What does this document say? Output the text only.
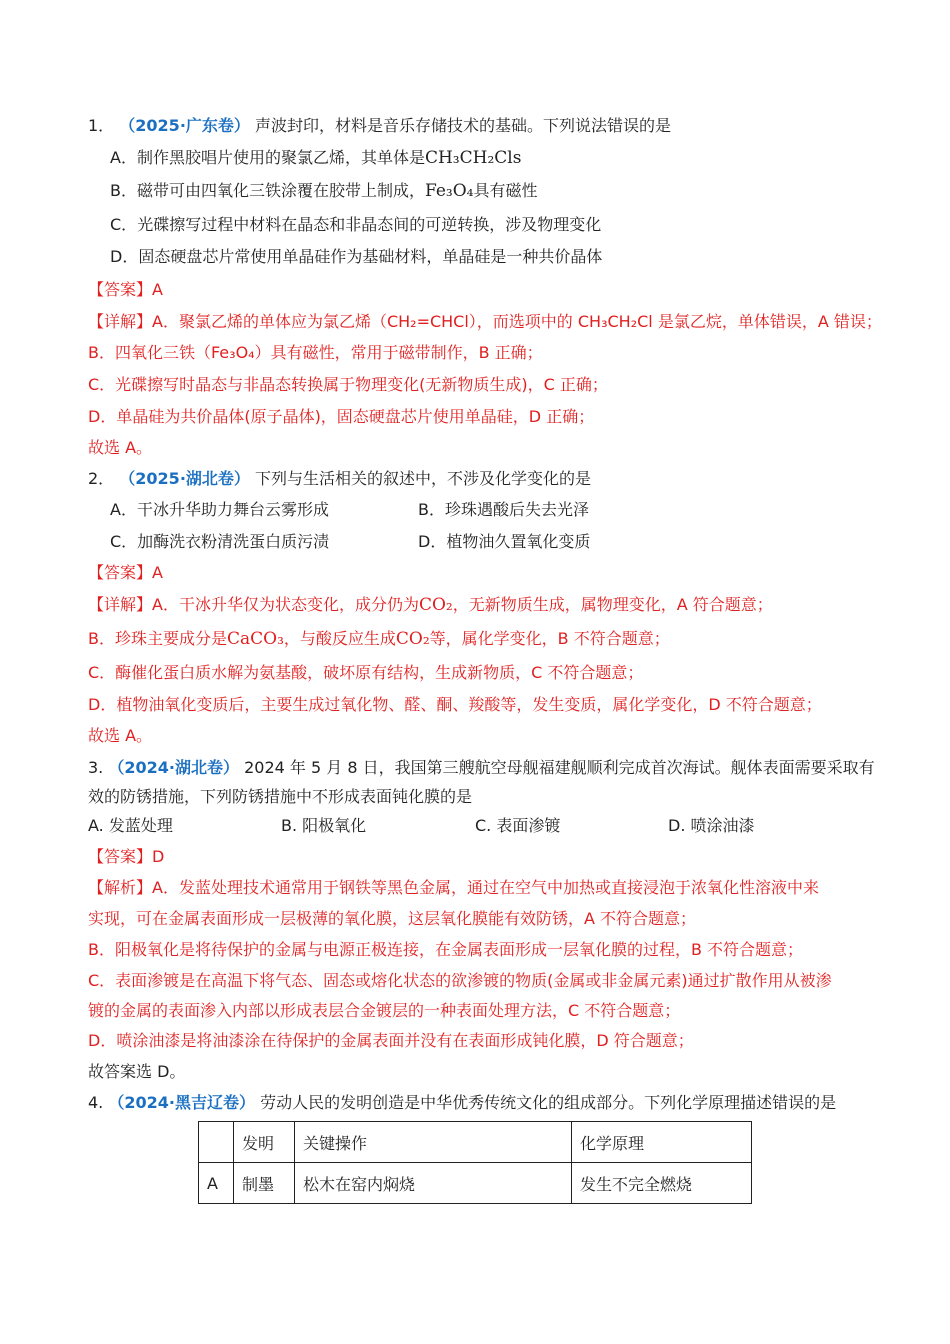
1． （2025·广东卷） 声波封印，材料是音乐存储技术的基础。下列说法错误的是
A．制作黑胶唱片使用的聚氯乙烯，其单体是CH₃CH₂Cls
B．磁带可由四氧化三铁涂覆在胶带上制成，Fe₃O₄具有磁性
C．光碟擦写过程中材料在晶态和非晶态间的可逆转换，涉及物理变化
D．固态硬盘芯片常使用单晶硅作为基础材料，单晶硅是一种共价晶体
【答案】A
【详解】A．聚氯乙烯的单体应为氯乙烯（CH₂=CHCl），而选项中的 CH₃CH₂Cl 是氯乙烷，单体错误，A 错误；
B．四氧化三铁（Fe₃O₄）具有磁性，常用于磁带制作，B 正确；
C．光碟擦写时晶态与非晶态转换属于物理变化(无新物质生成)，C 正确；
D．单晶硅为共价晶体(原子晶体)，固态硬盘芯片使用单晶硅，D 正确；
故选 A。
2． （2025·湖北卷） 下列与生活相关的叙述中，不涉及化学变化的是
A．干冰升华助力舞台云雾形成	B．珍珠遇酸后失去光泽
C．加酶洗衣粉清洗蛋白质污渍	D．植物油久置氧化变质
【答案】A
【详解】A．干冰升华仅为状态变化，成分仍为CO₂，无新物质生成，属物理变化，A 符合题意；
B．珍珠主要成分是CaCO₃，与酸反应生成CO₂等，属化学变化，B 不符合题意；
C．酶催化蛋白质水解为氨基酸，破坏原有结构，生成新物质，C 不符合题意；
D．植物油氧化变质后，主要生成过氧化物、醛、酮、羧酸等，发生变质，属化学变化，D 不符合题意；
故选 A。
3. （2024·湖北卷） 2024 年 5 月 8 日，我国第三艘航空母舰福建舰顺利完成首次海试。舰体表面需要采取有
效的防锈措施，下列防锈措施中不形成表面钝化膜的是
A. 发蓝处理	B. 阳极氧化	C. 表面渗镀	D. 喷涂油漆
【答案】D
【解析】A．发蓝处理技术通常用于钢铁等黑色金属，通过在空气中加热或直接浸泡于浓氧化性溶液中来
实现，可在金属表面形成一层极薄的氧化膜，这层氧化膜能有效防锈，A 不符合题意；
B．阳极氧化是将待保护的金属与电源正极连接，在金属表面形成一层氧化膜的过程，B 不符合题意；
C．表面渗镀是在高温下将气态、固态或熔化状态的欲渗镀的物质(金属或非金属元素)通过扩散作用从被渗
镀的金属的表面渗入内部以形成表层合金镀层的一种表面处理方法，C 不符合题意；
D．喷涂油漆是将油漆涂在待保护的金属表面并没有在表面形成钝化膜，D 符合题意；
故答案选 D。
4. （2024·黑吉辽卷） 劳动人民的发明创造是中华优秀传统文化的组成部分。下列化学原理描述错误的是
	发明	关键操作	化学原理
A	制墨	松木在窑内焖烧	发生不完全燃烧
